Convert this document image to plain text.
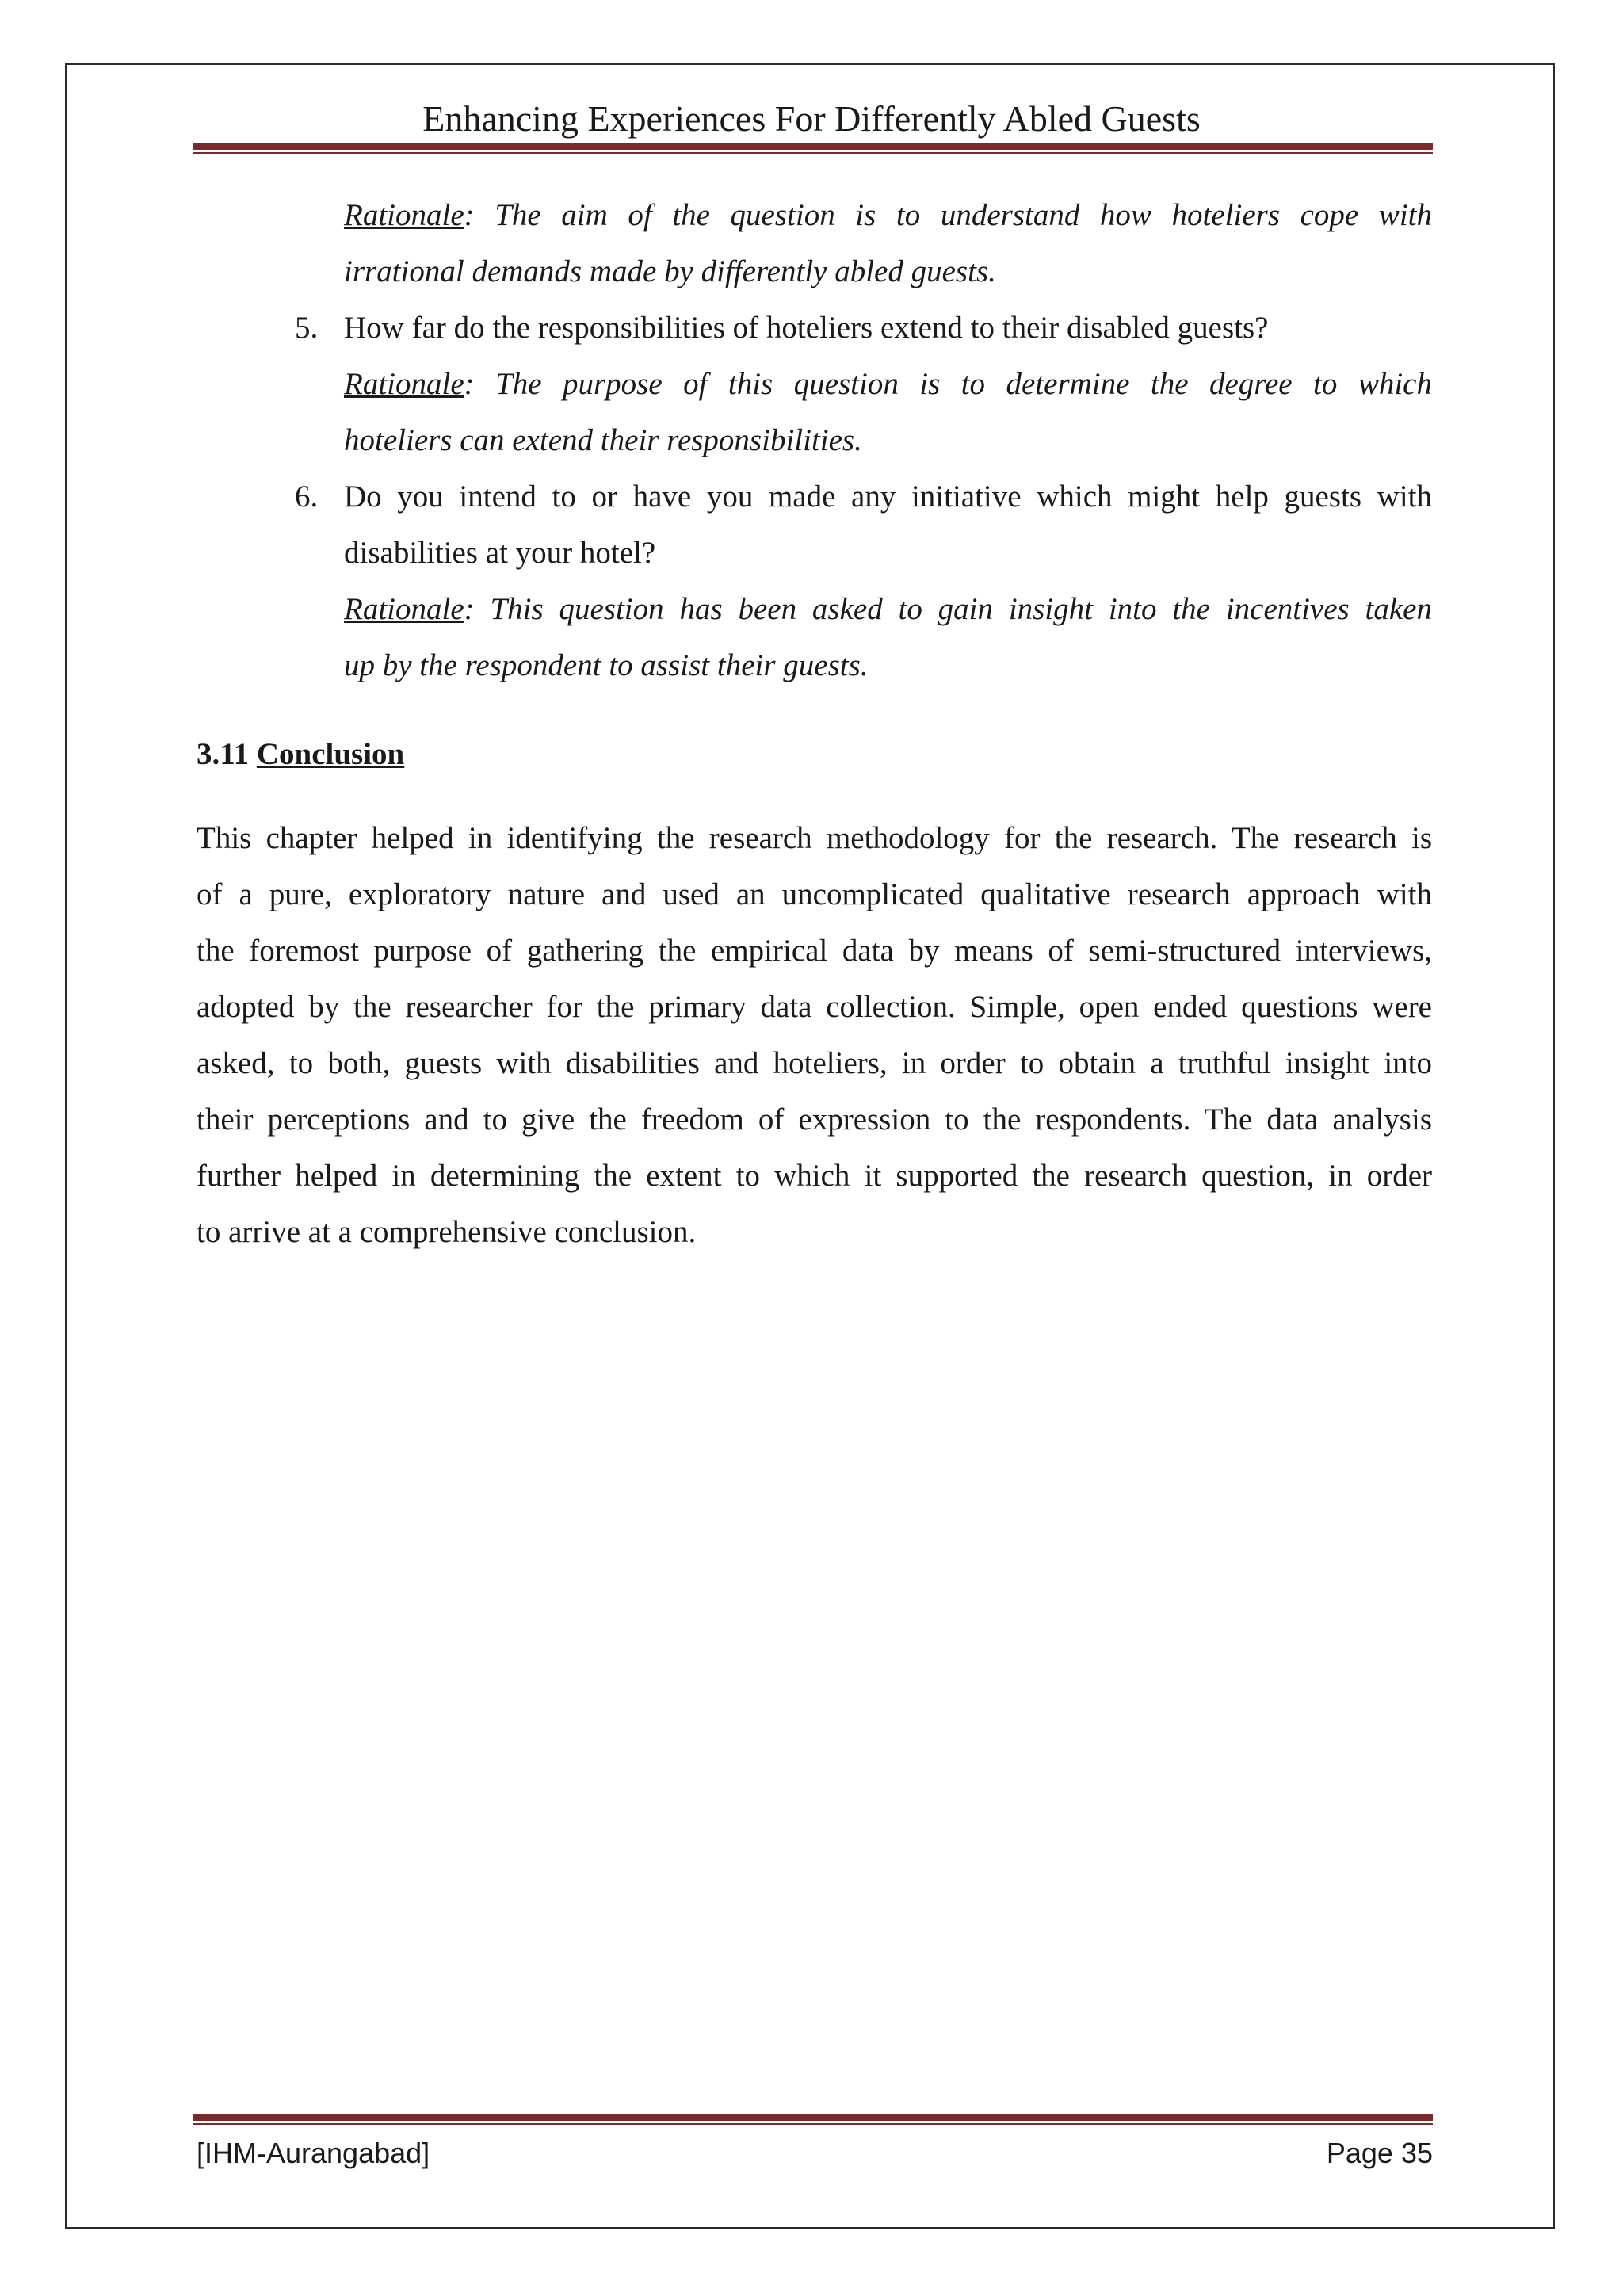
Enhancing Experiences For Differently Abled Guests
Rationale: The aim of the question is to understand how hoteliers cope with
irrational demands made by differently abled guests.
5. How far do the responsibilities of hoteliers extend to their disabled guests?
Rationale: The purpose of this question is to determine the degree to which
hoteliers can extend their responsibilities.
6. Do you intend to or have you made any initiative which might help guests with
disabilities at your hotel?
Rationale: This question has been asked to gain insight into the incentives taken
up by the respondent to assist their guests.
3.11 Conclusion
This chapter helped in identifying the research methodology for the research. The research is
of a pure, exploratory nature and used an uncomplicated qualitative research approach with
the foremost purpose of gathering the empirical data by means of semi-structured interviews,
adopted by the researcher for the primary data collection. Simple, open ended questions were
asked, to both, guests with disabilities and hoteliers, in order to obtain a truthful insight into
their perceptions and to give the freedom of expression to the respondents. The data analysis
further helped in determining the extent to which it supported the research question, in order
to arrive at a comprehensive conclusion.
[IHM-Aurangabad]	Page 35
